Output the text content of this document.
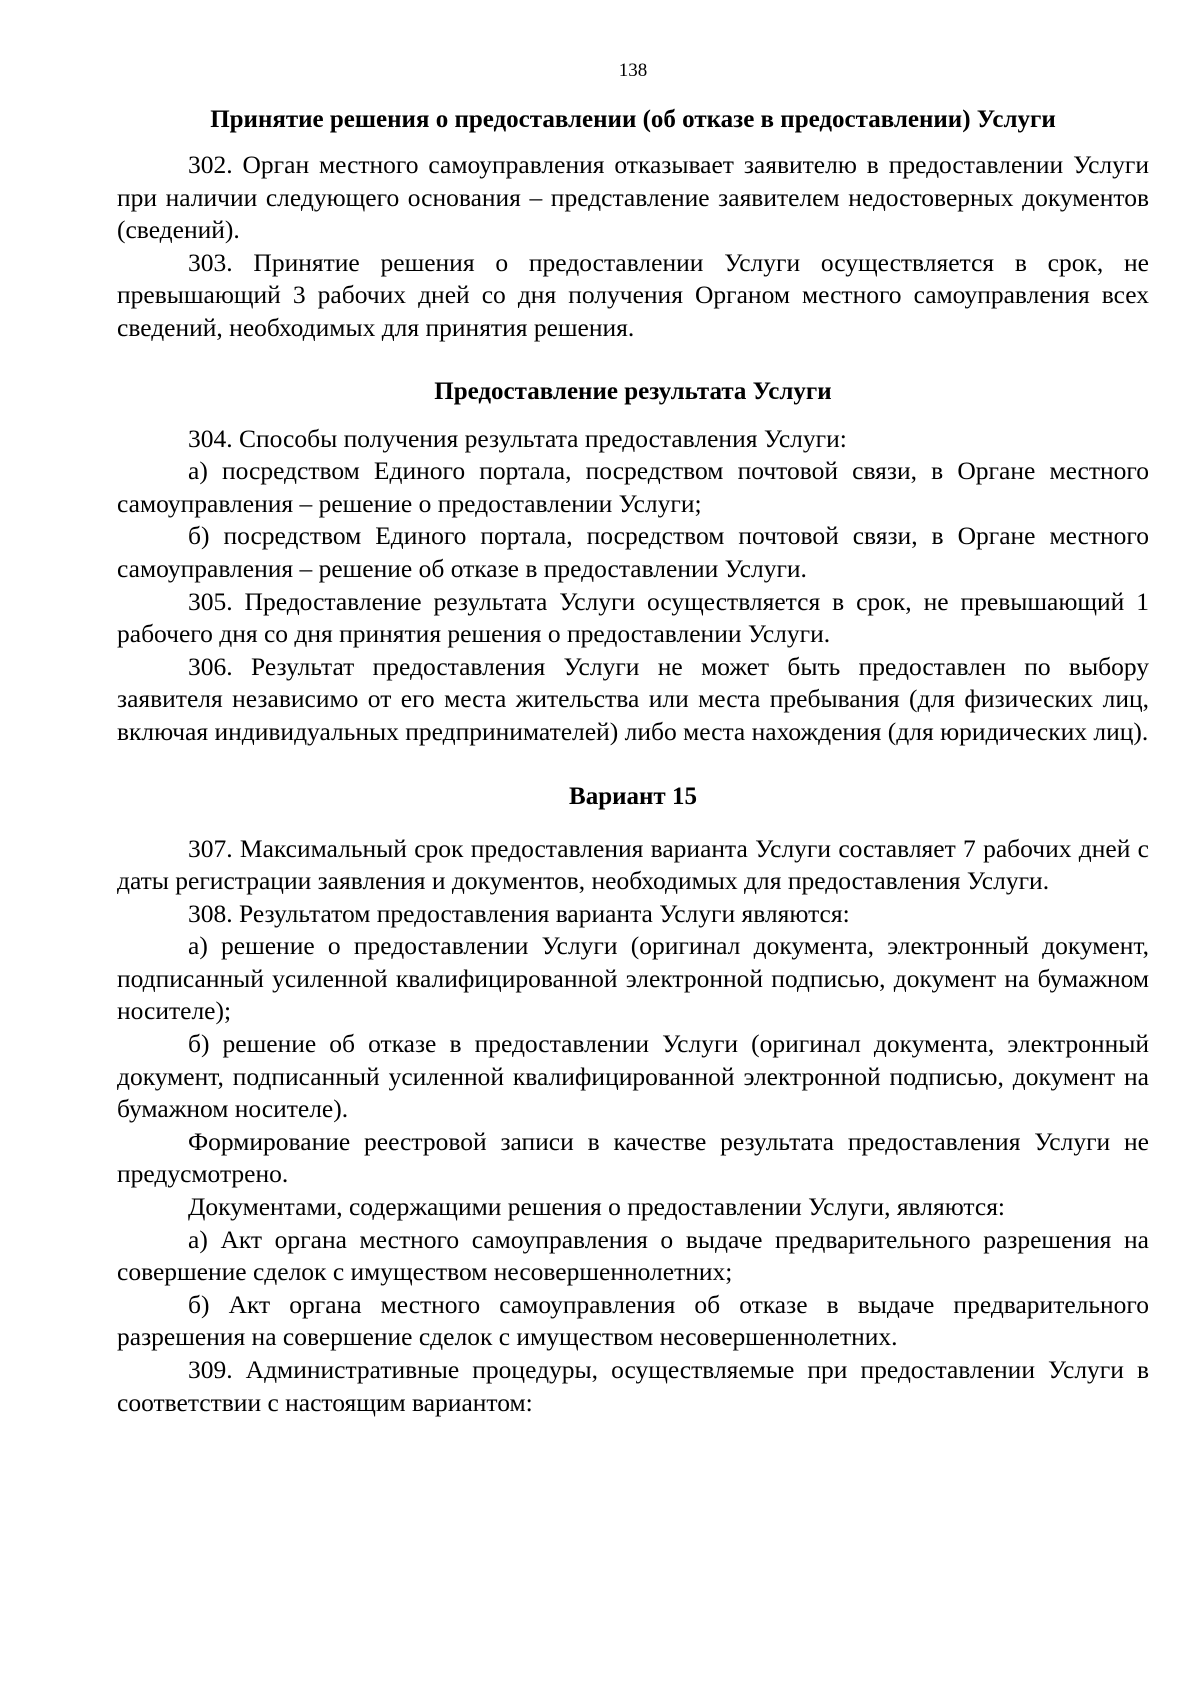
138
Принятие решения о предоставлении (об отказе в предоставлении) Услуги

302. Орган местного самоуправления отказывает заявителю в предоставлении Услуги при наличии следующего основания – представление заявителем недостоверных документов (сведений).

303. Принятие решения о предоставлении Услуги осуществляется в срок, не превышающий 3 рабочих дней со дня получения Органом местного самоуправления всех сведений, необходимых для принятия решения.

Предоставление результата Услуги

304. Способы получения результата предоставления Услуги:

а) посредством Единого портала, посредством почтовой связи, в Органе местного самоуправления – решение о предоставлении Услуги;

б) посредством Единого портала, посредством почтовой связи, в Органе местного самоуправления – решение об отказе в предоставлении Услуги.

305. Предоставление результата Услуги осуществляется в срок, не превышающий 1 рабочего дня со дня принятия решения о предоставлении Услуги.

306. Результат предоставления Услуги не может быть предоставлен по выбору заявителя независимо от его места жительства или места пребывания (для физических лиц, включая индивидуальных предпринимателей) либо места нахождения (для юридических лиц).

Вариант 15

307. Максимальный срок предоставления варианта Услуги составляет 7 рабочих дней с даты регистрации заявления и документов, необходимых для предоставления Услуги.

308. Результатом предоставления варианта Услуги являются:

а) решение о предоставлении Услуги (оригинал документа, электронный документ, подписанный усиленной квалифицированной электронной подписью, документ на бумажном носителе);

б) решение об отказе в предоставлении Услуги (оригинал документа, электронный документ, подписанный усиленной квалифицированной электронной подписью, документ на бумажном носителе).

Формирование реестровой записи в качестве результата предоставления Услуги не предусмотрено.

Документами, содержащими решения о предоставлении Услуги, являются:

а) Акт органа местного самоуправления о выдаче предварительного разрешения на совершение сделок с имуществом несовершеннолетних;

б) Акт органа местного самоуправления об отказе в выдаче предварительного разрешения на совершение сделок с имуществом несовершеннолетних.

309. Административные процедуры, осуществляемые при предоставлении Услуги в соответствии с настоящим вариантом:
